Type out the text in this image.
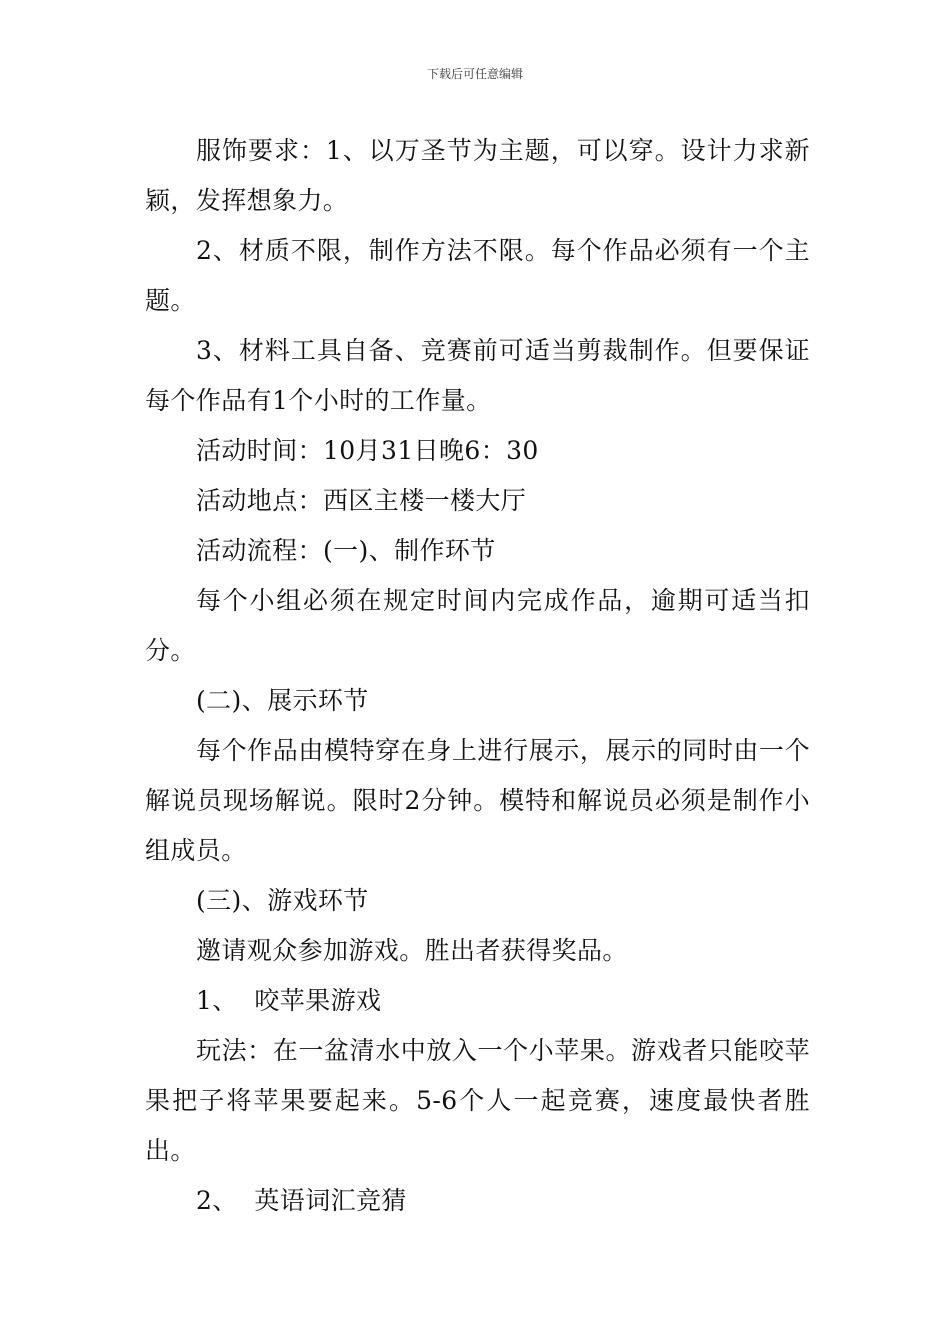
下载后可任意编辑

服饰要求：1、以万圣节为主题，可以穿。设计力求新颖，发挥想象力。

2、材质不限，制作方法不限。每个作品必须有一个主题。

3、材料工具自备、竞赛前可适当剪裁制作。但要保证每个作品有1个小时的工作量。

活动时间：10月31日晚6：30

活动地点：西区主楼一楼大厅

活动流程：(一)、制作环节

每个小组必须在规定时间内完成作品，逾期可适当扣分。

(二)、展示环节

每个作品由模特穿在身上进行展示，展示的同时由一个解说员现场解说。限时2分钟。模特和解说员必须是制作小组成员。

(三)、游戏环节

邀请观众参加游戏。胜出者获得奖品。

1、  咬苹果游戏

玩法：在一盆清水中放入一个小苹果。游戏者只能咬苹果把子将苹果要起来。5-6个人一起竞赛，速度最快者胜出。

2、  英语词汇竞猜
